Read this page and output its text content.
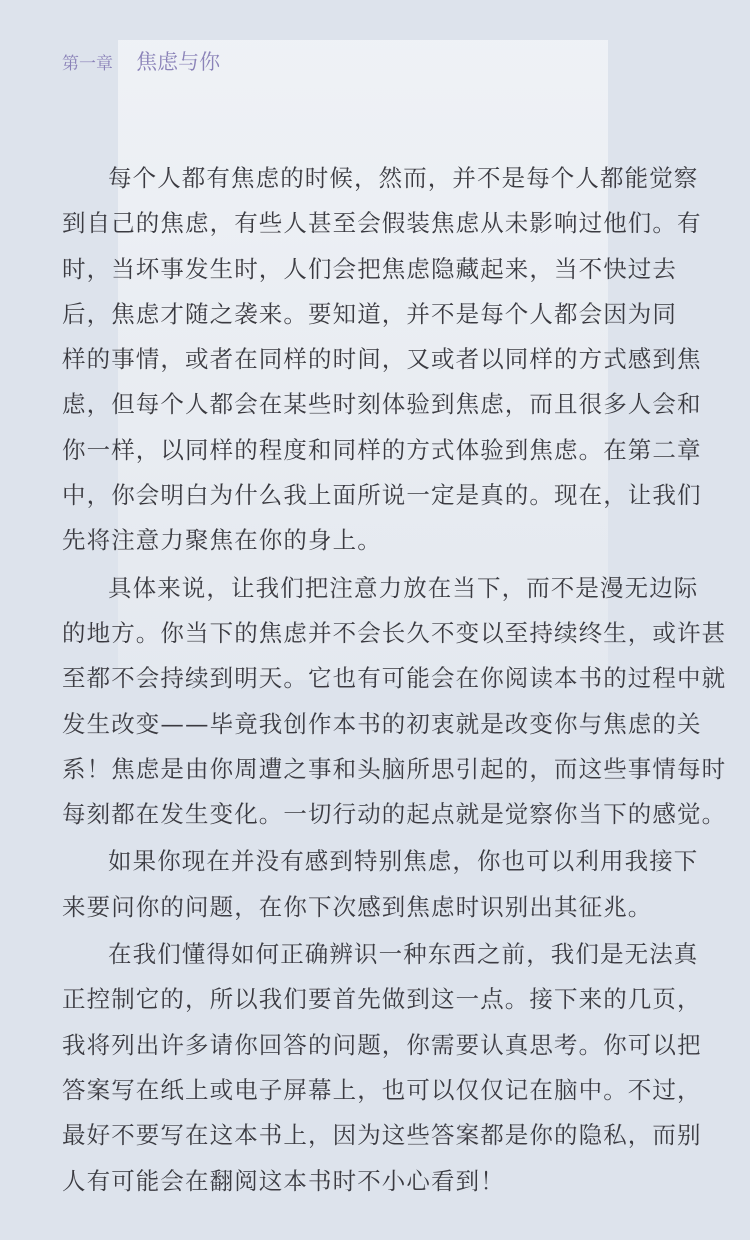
第一章 焦虑与你
每个人都有焦虑的时候，然而，并不是每个人都能觉察
到自己的焦虑，有些人甚至会假装焦虑从未影响过他们。有
时，当坏事发生时，人们会把焦虑隐藏起来，当不快过去
后，焦虑才随之袭来。要知道，并不是每个人都会因为同
样的事情，或者在同样的时间，又或者以同样的方式感到焦
虑，但每个人都会在某些时刻体验到焦虑，而且很多人会和
你一样，以同样的程度和同样的方式体验到焦虑。在第二章
中，你会明白为什么我上面所说一定是真的。现在，让我们
先将注意力聚焦在你的身上。
具体来说，让我们把注意力放在当下，而不是漫无边际
的地方。你当下的焦虑并不会长久不变以至持续终生，或许甚
至都不会持续到明天。它也有可能会在你阅读本书的过程中就
发生改变——毕竟我创作本书的初衷就是改变你与焦虑的关
系！焦虑是由你周遭之事和头脑所思引起的，而这些事情每时
每刻都在发生变化。一切行动的起点就是觉察你当下的感觉。
如果你现在并没有感到特别焦虑，你也可以利用我接下
来要问你的问题，在你下次感到焦虑时识别出其征兆。
在我们懂得如何正确辨识一种东西之前，我们是无法真
正控制它的，所以我们要首先做到这一点。接下来的几页，
我将列出许多请你回答的问题，你需要认真思考。你可以把
答案写在纸上或电子屏幕上，也可以仅仅记在脑中。不过，
最好不要写在这本书上，因为这些答案都是你的隐私，而别
人有可能会在翻阅这本书时不小心看到！
